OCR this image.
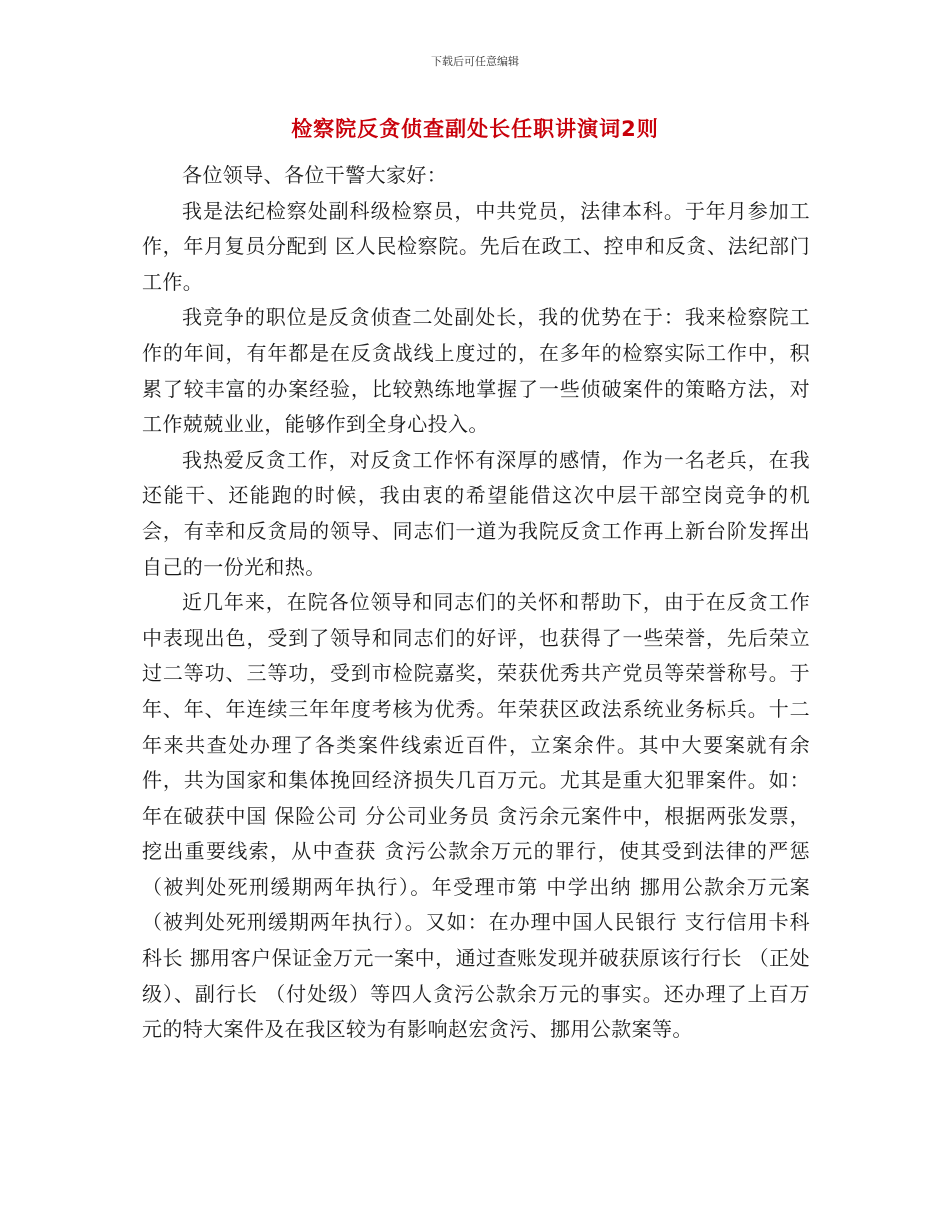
下载后可任意编辑
检察院反贪侦查副处长任职讲演词2则

各位领导、各位干警大家好：

我是法纪检察处副科级检察员，中共党员，法律本科。于年月参加工作，年月复员分配到 区人民检察院。先后在政工、控申和反贪、法纪部门工作。

我竞争的职位是反贪侦查二处副处长，我的优势在于：我来检察院工作的年间，有年都是在反贪战线上度过的，在多年的检察实际工作中，积累了较丰富的办案经验，比较熟练地掌握了一些侦破案件的策略方法，对工作兢兢业业，能够作到全身心投入。

我热爱反贪工作，对反贪工作怀有深厚的感情，作为一名老兵，在我还能干、还能跑的时候，我由衷的希望能借这次中层干部空岗竞争的机会，有幸和反贪局的领导、同志们一道为我院反贪工作再上新台阶发挥出自己的一份光和热。

近几年来，在院各位领导和同志们的关怀和帮助下，由于在反贪工作中表现出色，受到了领导和同志们的好评，也获得了一些荣誉，先后荣立过二等功、三等功，受到市检院嘉奖，荣获优秀共产党员等荣誉称号。于年、年、年连续三年年度考核为优秀。年荣获区政法系统业务标兵。十二年来共查处办理了各类案件线索近百件，立案余件。其中大要案就有余件，共为国家和集体挽回经济损失几百万元。尤其是重大犯罪案件。如：年在破获中国 保险公司 分公司业务员 贪污余元案件中，根据两张发票，挖出重要线索，从中查获 贪污公款余万元的罪行，使其受到法律的严惩（被判处死刑缓期两年执行）。年受理市第 中学出纳 挪用公款余万元案（被判处死刑缓期两年执行）。又如：在办理中国人民银行 支行信用卡科科长 挪用客户保证金万元一案中，通过查账发现并破获原该行行长 （正处级）、副行长 （付处级）等四人贪污公款余万元的事实。还办理了上百万元的特大案件及在我区较为有影响赵宏贪污、挪用公款案等。
